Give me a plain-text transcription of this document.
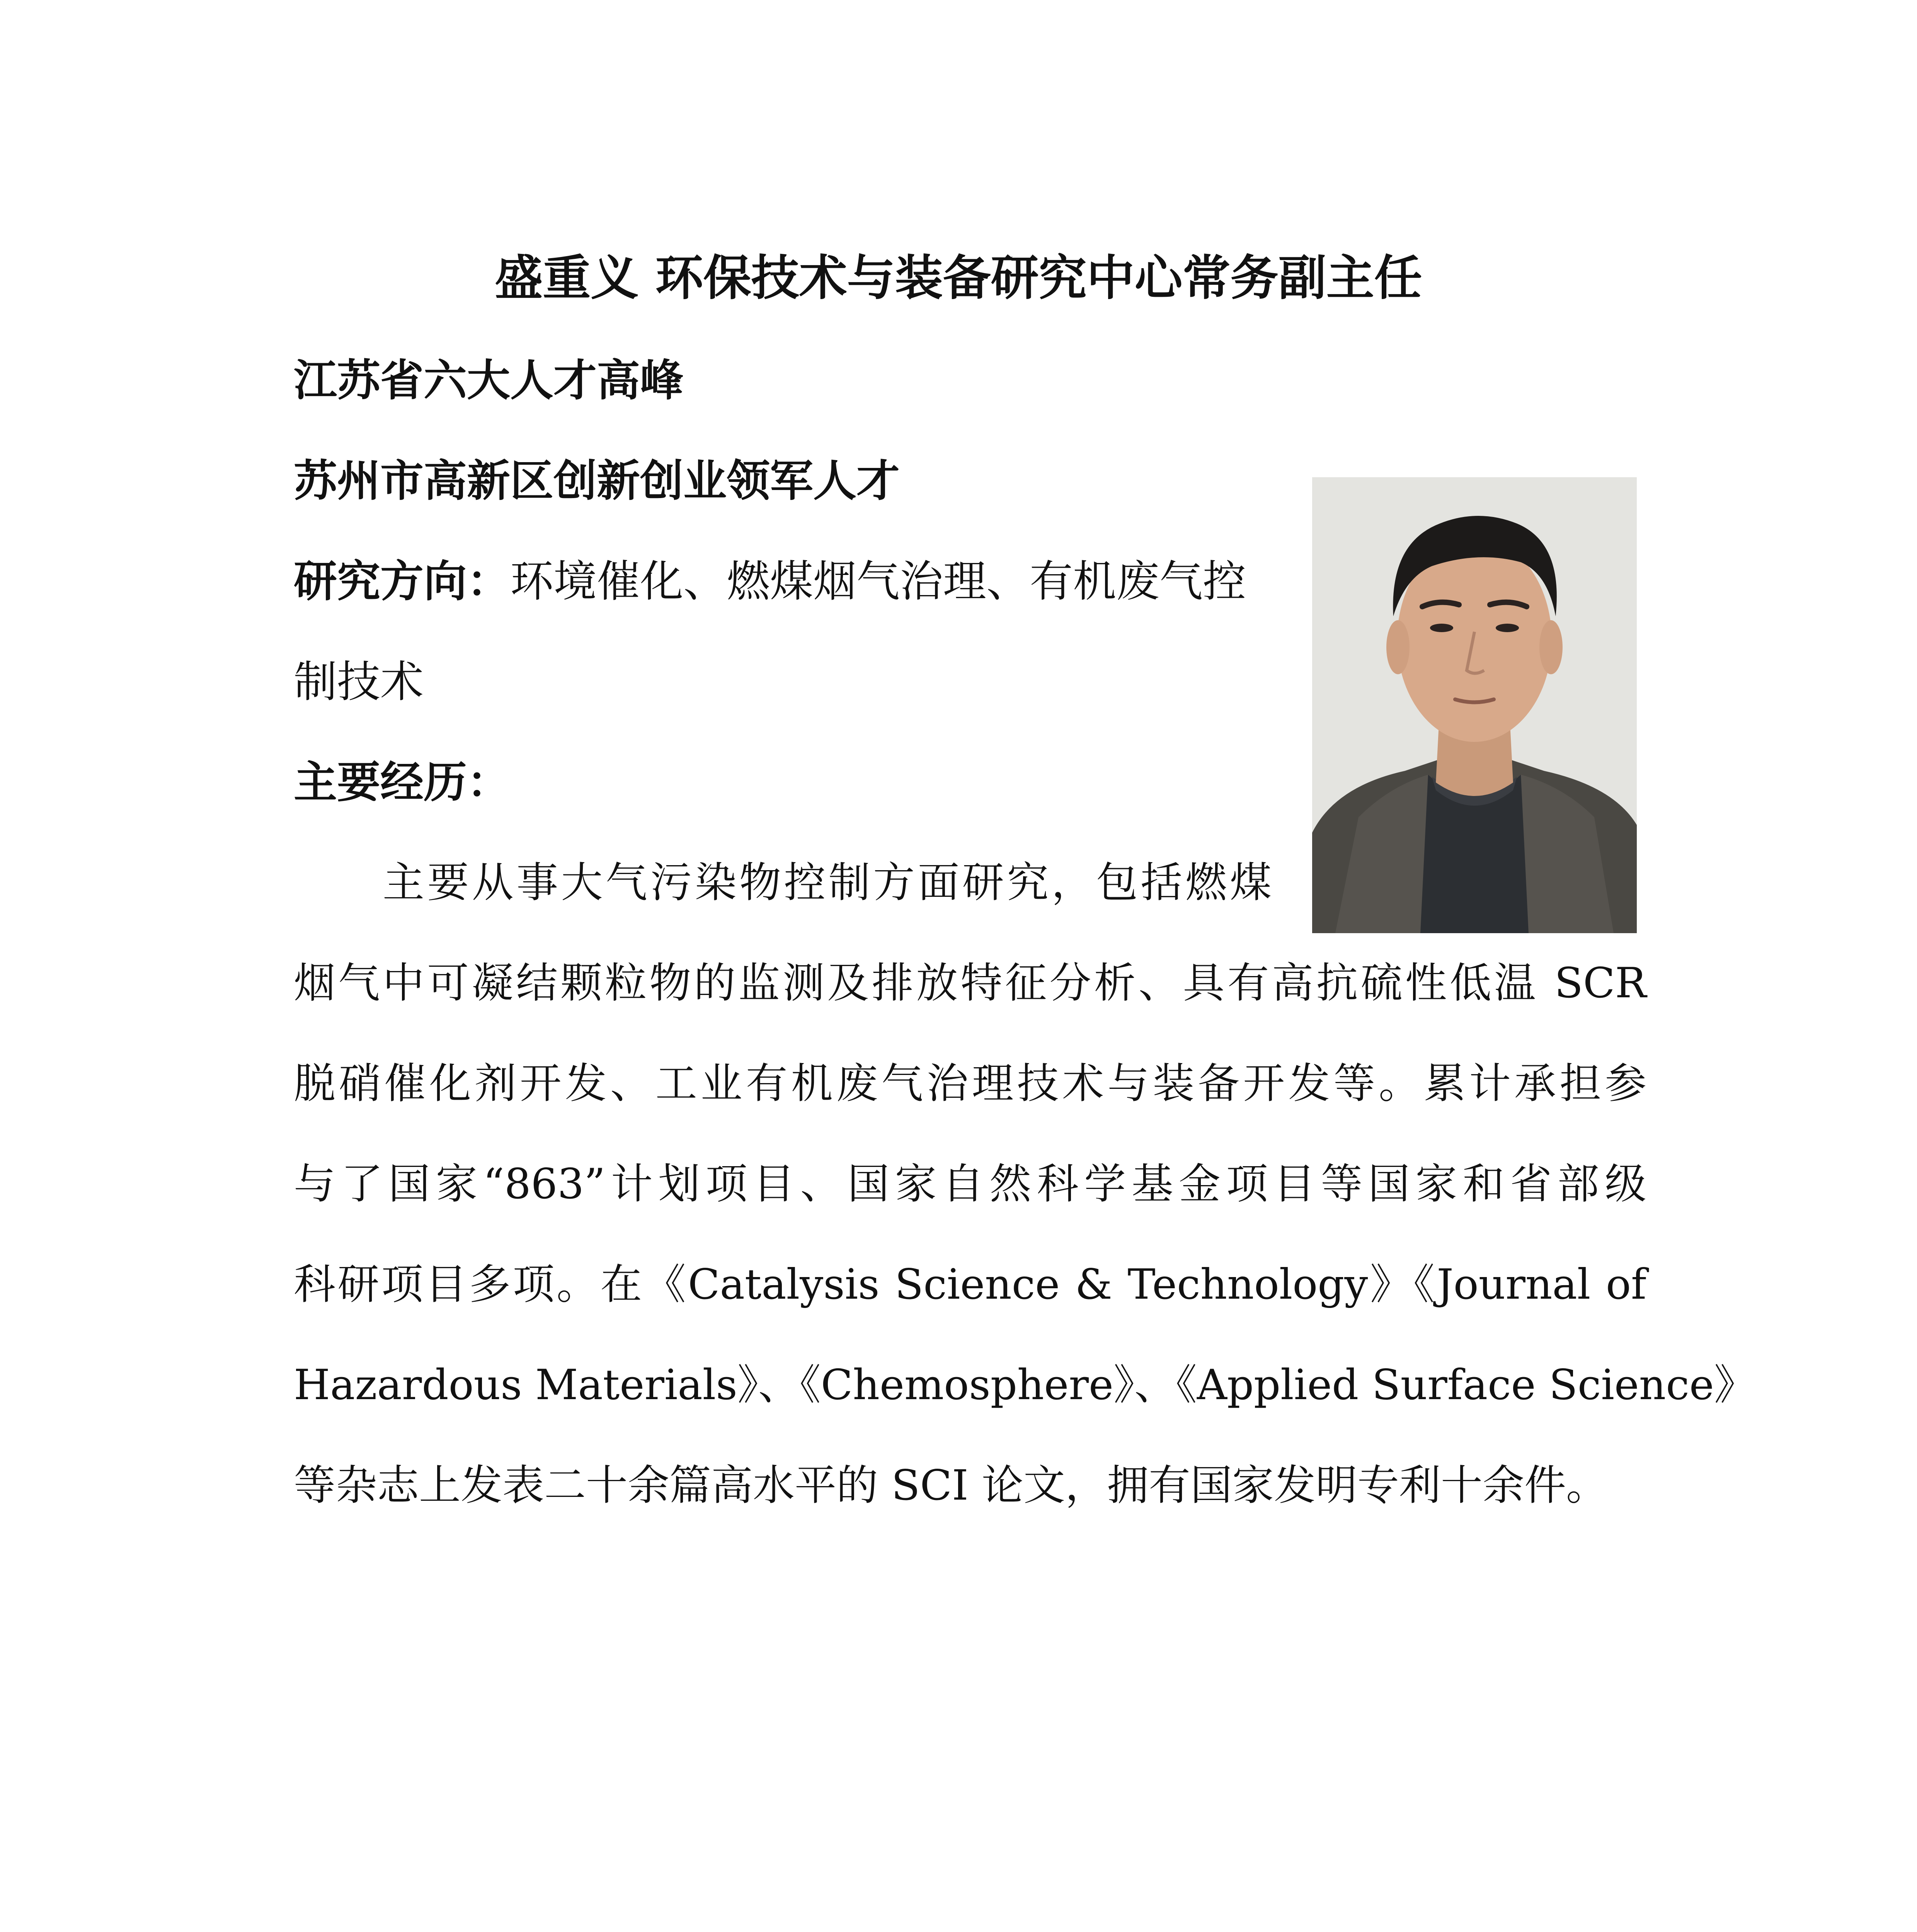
盛重义 环保技术与装备研究中心常务副主任
江苏省六大人才高峰
苏州市高新区创新创业领军人才
研究方向：环境催化、燃煤烟气治理、有机废气控
制技术
主要经历：
主要从事大气污染物控制方面研究，包括燃煤
烟气中可凝结颗粒物的监测及排放特征分析、具有高抗硫性低温 SCR
脱硝催化剂开发、工业有机废气治理技术与装备开发等。累计承担参
与了国家“863”计划项目、国家自然科学基金项目等国家和省部级
科研项目多项。在《Catalysis Science & Technology》《Journal of
Hazardous Materials》、《Chemosphere》、《Applied Surface Science》
等杂志上发表二十余篇高水平的 SCI 论文，拥有国家发明专利十余件。
